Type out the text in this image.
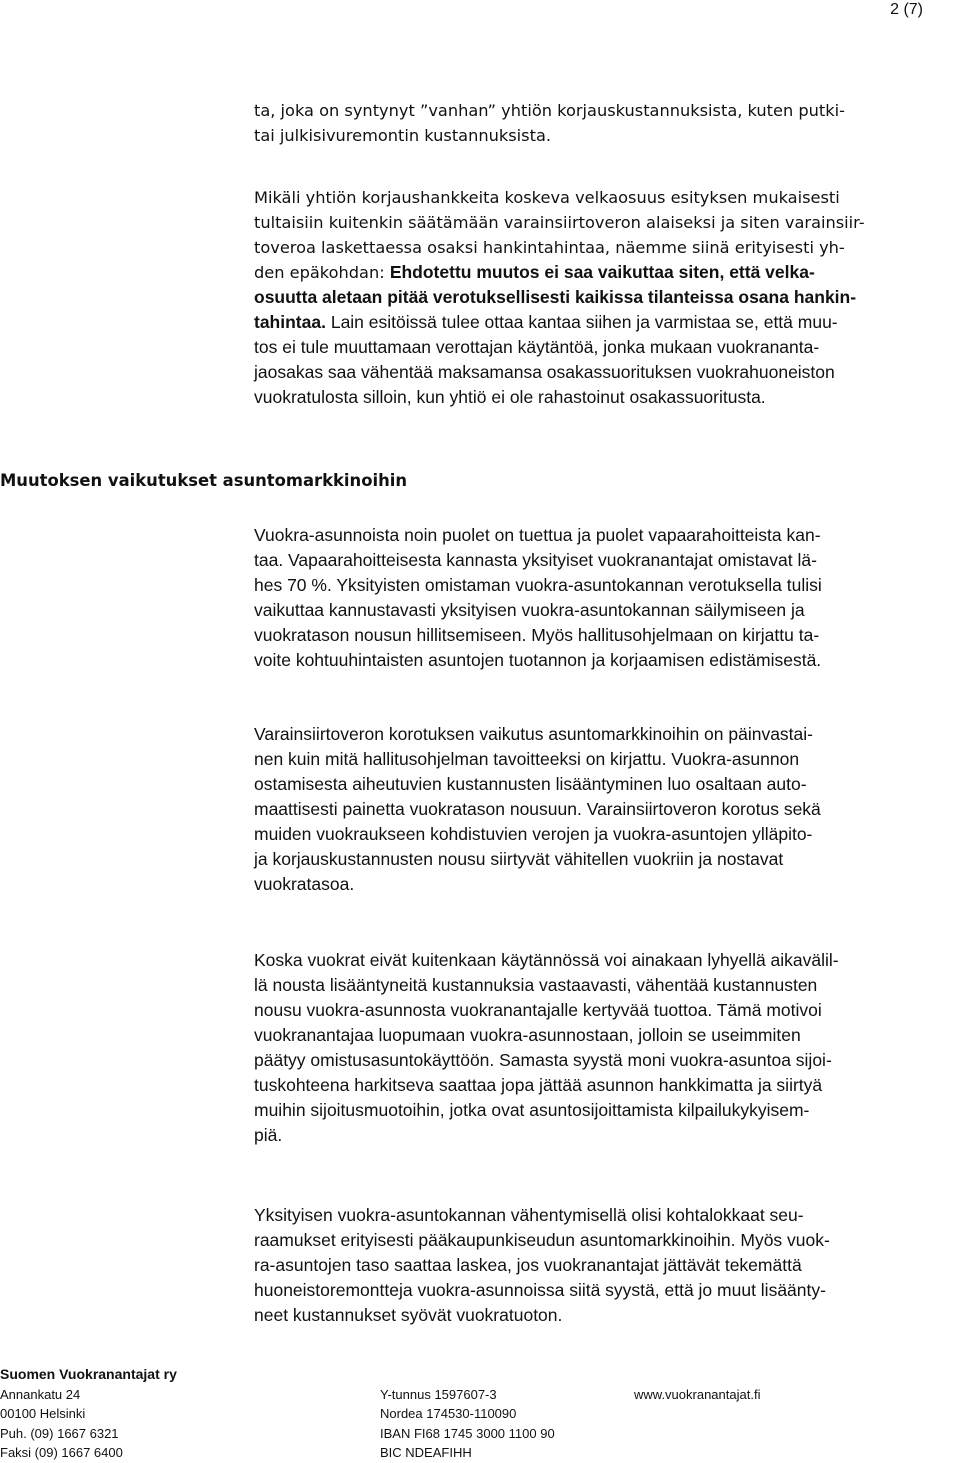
2 (7)
ta, joka on syntynyt ”vanhan” yhtiön korjauskustannuksista, kuten putki-
tai julkisivuremontin kustannuksista.
Mikäli yhtiön korjaushankkeita koskeva velkaosuus esityksen mukaisesti
tultaisiin kuitenkin säätämään varainsiirtoveron alaiseksi ja siten varainsiir-
toveroa laskettaessa osaksi hankintahintaa, näemme siinä erityisesti yh-
den epäkohdan: Ehdotettu muutos ei saa vaikuttaa siten, että velka-
osuutta aletaan pitää verotuksellisesti kaikissa tilanteissa osana hankin-
tahintaa. Lain esitöissä tulee ottaa kantaa siihen ja varmistaa se, että muu-
tos ei tule muuttamaan verottajan käytäntöä, jonka mukaan vuokrananta-
jaosakas saa vähentää maksamansa osakassuorituksen vuokrahuoneiston
vuokratulosta silloin, kun yhtiö ei ole rahastoinut osakassuoritusta.
Muutoksen vaikutukset asuntomarkkinoihin
Vuokra-asunnoista noin puolet on tuettua ja puolet vapaarahoitteista kan-
taa. Vapaarahoitteisesta kannasta yksityiset vuokranantajat omistavat lä-
hes 70 %. Yksityisten omistaman vuokra-asuntokannan verotuksella tulisi
vaikuttaa kannustavasti yksityisen vuokra-asuntokannan säilymiseen ja
vuokratason nousun hillitsemiseen. Myös hallitusohjelmaan on kirjattu ta-
voite kohtuuhintaisten asuntojen tuotannon ja korjaamisen edistämisestä.
Varainsiirtoveron korotuksen vaikutus asuntomarkkinoihin on päinvastai-
nen kuin mitä hallitusohjelman tavoitteeksi on kirjattu. Vuokra-asunnon
ostamisesta aiheutuvien kustannusten lisääntyminen luo osaltaan auto-
maattisesti painetta vuokratason nousuun. Varainsiirtoveron korotus sekä
muiden vuokraukseen kohdistuvien verojen ja vuokra-asuntojen ylläpito-
ja korjauskustannusten nousu siirtyvät vähitellen vuokriin ja nostavat
vuokratasoa.
Koska vuokrat eivät kuitenkaan käytännössä voi ainakaan lyhyellä aikavälil-
lä nousta lisääntyneitä kustannuksia vastaavasti, vähentää kustannusten
nousu vuokra-asunnosta vuokranantajalle kertyvää tuottoa. Tämä motivoi
vuokranantajaa luopumaan vuokra-asunnostaan, jolloin se useimmiten
päätyy omistusasuntokäyttöön. Samasta syystä moni vuokra-asuntoa sijoi-
tuskohteena harkitseva saattaa jopa jättää asunnon hankkimatta ja siirtyä
muihin sijoitusmuotoihin, jotka ovat asuntosijoittamista kilpailukykyisem-
piä.
Yksityisen vuokra-asuntokannan vähentymisellä olisi kohtalokkaat seu-
raamukset erityisesti pääkaupunkiseudun asuntomarkkinoihin. Myös vuok-
ra-asuntojen taso saattaa laskea, jos vuokranantajat jättävät tekemättä
huoneistoremontteja vuokra-asunnoissa siitä syystä, että jo muut lisäänty-
neet kustannukset syövät vuokratuoton.
Suomen Vuokranantajat ry
Annankatu 24
00100 Helsinki
Puh. (09) 1667 6321
Faksi (09) 1667 6400
Y-tunnus 1597607-3
Nordea 174530-110090
IBAN FI68 1745 3000 1100 90
BIC NDEAFIHH
www.vuokranantajat.fi
